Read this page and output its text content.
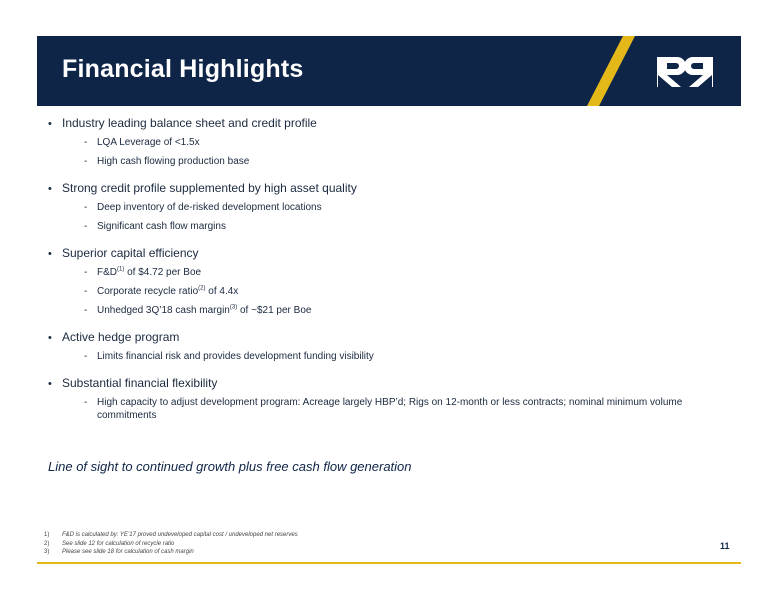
Financial Highlights
• Industry leading balance sheet and credit profile
- LQA Leverage of <1.5x
- High cash flowing production base
• Strong credit profile supplemented by high asset quality
- Deep inventory of de-risked development locations
- Significant cash flow margins
• Superior capital efficiency
- $F\&D^{(1)}$ of $4.72 per Boe
- Corporate recycle ratio$^{(2)}$ of 4.4x
- Unhedged 3Q’18 cash margin$^{(3)}$ of ~$21 per Boe
• Active hedge program
- Limits financial risk and provides development funding visibility
• Substantial financial flexibility
- High capacity to adjust development program: Acreage largely HBP’d; Rigs on 12-month or less contracts; nominal minimum volume commitments
Line of sight to continued growth plus free cash flow generation
1)	F&D is calculated by: YE’17 proved undeveloped capital cost / undeveloped net reserves
2)	See slide 12 for calculation of recycle ratio
3)	Please see slide 18 for calculation of cash margin
11
